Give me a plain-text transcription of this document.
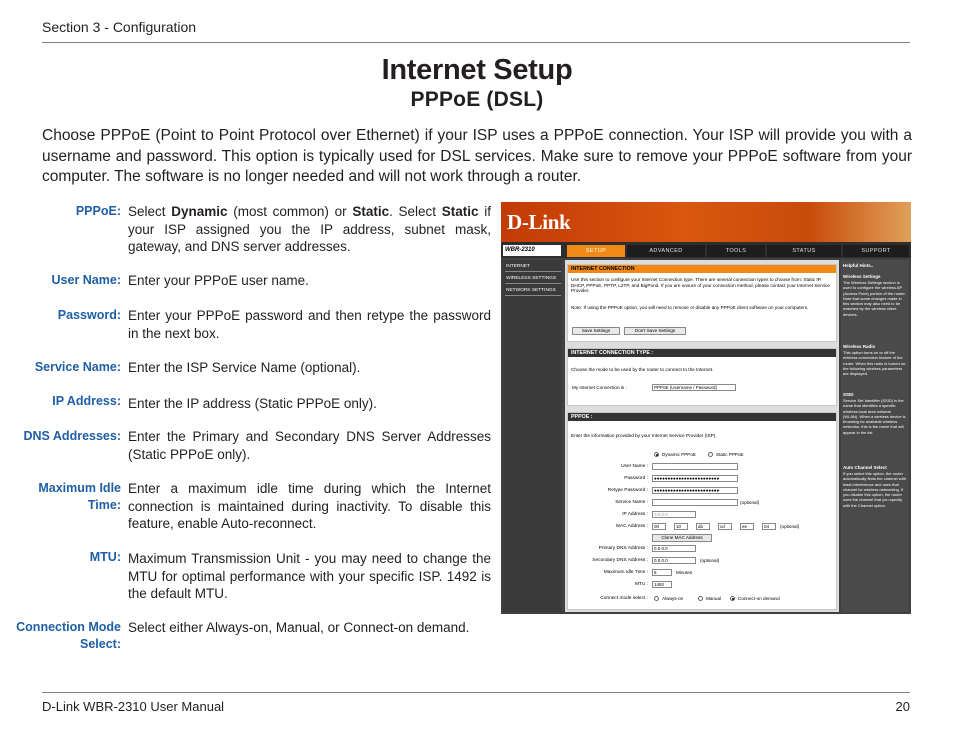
Section 3 - Configuration
Internet Setup
PPPoE (DSL)
Choose PPPoE (Point to Point Protocol over Ethernet) if your ISP uses a PPPoE connection. Your ISP will provide you with a username and password. This option is typically used for DSL services. Make sure to remove your PPPoE software from your computer. The software is no longer needed and will not work through a router.
PPPoE: Select Dynamic (most common) or Static. Select Static if your ISP assigned you the IP address, subnet mask, gateway, and DNS server addresses.
User Name: Enter your PPPoE user name.
Password: Enter your PPPoE password and then retype the password in the next box.
Service Name: Enter the ISP Service Name (optional).
IP Address: Enter the IP address (Static PPPoE only).
DNS Addresses: Enter the Primary and Secondary DNS Server Addresses (Static PPPoE only).
Maximum Idle
Time:
Enter a maximum idle time during which the Internet connection is maintained during inactivity. To disable this feature, enable Auto-reconnect.
MTU: Maximum Transmission Unit - you may need to change the MTU for optimal performance with your specific ISP. 1492 is the default MTU.
Connection Mode
Select:
Select either Always-on, Manual, or Connect-on demand.
D-Link
WBR-2310	SETUP	ADVANCED	TOOLS	STATUS	SUPPORT
INTERNET
WIRELESS SETTINGS
NETWORK SETTINGS
INTERNET CONNECTION
Use this section to configure your Internet Connection type. There are several connection types to choose from: Static IP, DHCP, PPPoE, PPTP, L2TP, and BigPond. If you are unsure of your connection method, please contact your Internet Service Provider.
Note: If using the PPPoE option, you will need to remove or disable any PPPoE client software on your computers.
Save Settings	Don't Save Settings
INTERNET CONNECTION TYPE :
Choose the mode to be used by the router to connect to the Internet.
My Internet Connection is :	PPPoE (Username / Password)
PPPOE :
Enter the information provided by your Internet Service Provider (ISP).
Dynamic PPPoE	Static PPPoE
User Name :
Password :	●●●●●●●●●●●●●●●●●●●●●●●●
Retype Password :	●●●●●●●●●●●●●●●●●●●●●●●●
Service Name :	(optional)
IP Address :	0.0.0.0
MAC Address :	00	10	ab	cd	ee	04	(optional)
Clone MAC Address
Primary DNS Address :	0.0.0.0
Secondary DNS Address :	0.0.0.0	(optional)
Maximum Idle Time :	5	Minutes
MTU :	1492
Connect mode select :	Always-on	Manual	Connect-on demand
Helpful Hints..
Wireless Settings
The Wireless Settings section is used to configure the wireless AP (Access Point) portion of the router. Note that some changes made in this section may also need to be matched by the wireless client devices.
Wireless Radio
This option turns on or off the wireless connection feature of the router. When this radio is turned on, the following wireless parameters are displayed.
SSID
Service Set Identifier (SSID) is the name that identifies a specific wireless local area network (WLAN). When a wireless device is browsing for available wireless networks, this is the name that will appear in the list.
Auto Channel Select
If you select this option, the router automatically finds the channel with least interference and uses that channel for wireless networking. If you disable this option, the router uses the channel that you specify with the Channel option.
D-Link WBR-2310 User Manual	20
